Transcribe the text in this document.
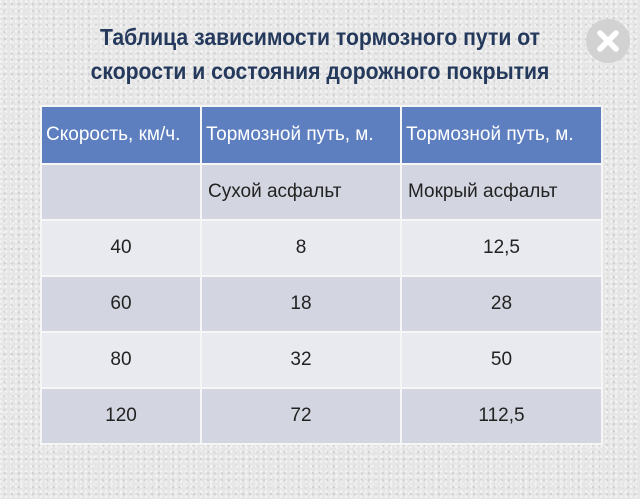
Таблица зависимости тормозного пути от
скорости и состояния дорожного покрытия
Скорость, км/ч.	Тормозной путь, м.	Тормозной путь, м.
	Сухой асфальт	Мокрый асфальт
40	8	12,5
60	18	28
80	32	50
120	72	112,5
